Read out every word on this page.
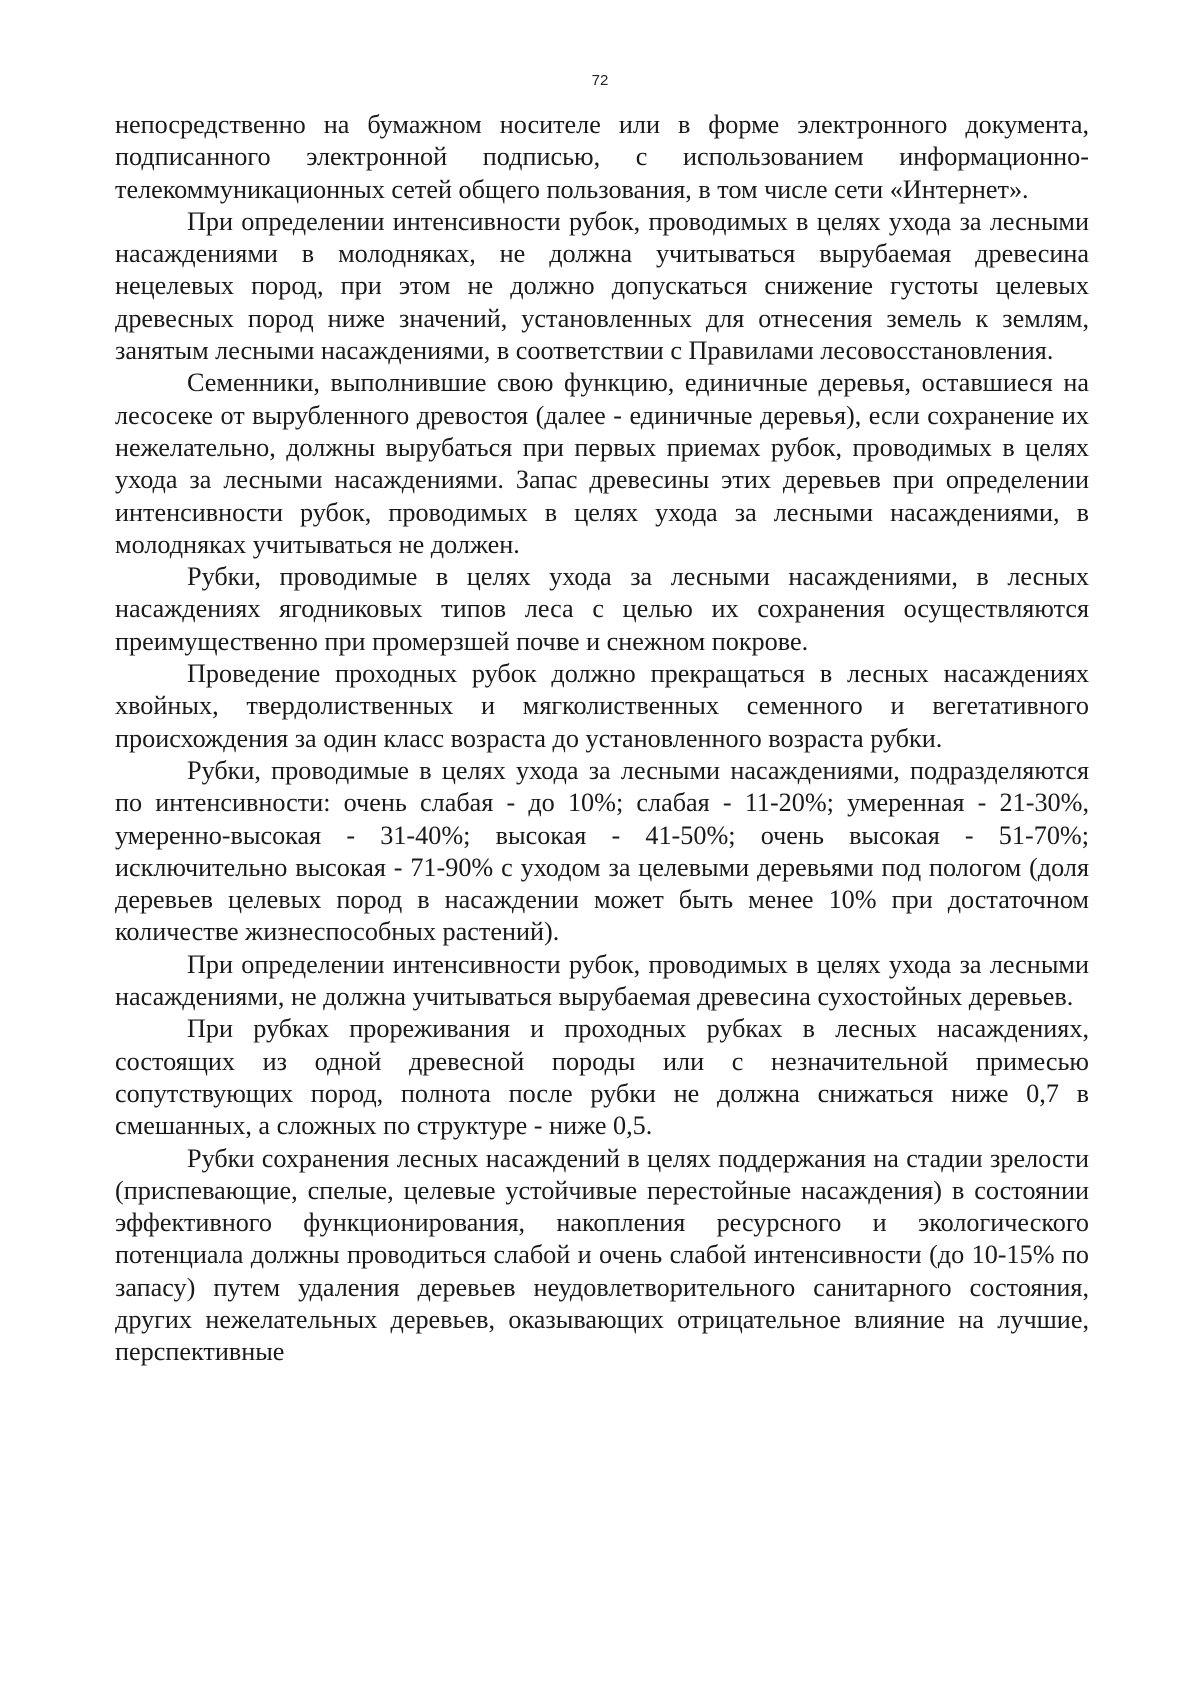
72

непосредственно на бумажном носителе или в форме электронного документа, подписанного электронной подписью, с использованием информационно-телекоммуникационных сетей общего пользования, в том числе сети «Интернет».

При определении интенсивности рубок, проводимых в целях ухода за лесными насаждениями в молодняках, не должна учитываться вырубаемая древесина нецелевых пород, при этом не должно допускаться снижение густоты целевых древесных пород ниже значений, установленных для отнесения земель к землям, занятым лесными насаждениями, в соответствии с Правилами лесовосстановления.

Семенники, выполнившие свою функцию, единичные деревья, оставшиеся на лесосеке от вырубленного древостоя (далее - единичные деревья), если сохранение их нежелательно, должны вырубаться при первых приемах рубок, проводимых в целях ухода за лесными насаждениями. Запас древесины этих деревьев при определении интенсивности рубок, проводимых в целях ухода за лесными насаждениями, в молодняках учитываться не должен.

Рубки, проводимые в целях ухода за лесными насаждениями, в лесных насаждениях ягодниковых типов леса с целью их сохранения осуществляются преимущественно при промерзшей почве и снежном покрове.

Проведение проходных рубок должно прекращаться в лесных насаждениях хвойных, твердолиственных и мягколиственных семенного и вегетативного происхождения за один класс возраста до установленного возраста рубки.

Рубки, проводимые в целях ухода за лесными насаждениями, подразделяются по интенсивности: очень слабая - до 10%; слабая - 11-20%; умеренная - 21-30%, умеренно-высокая - 31-40%; высокая - 41-50%; очень высокая - 51-70%; исключительно высокая - 71-90% с уходом за целевыми деревьями под пологом (доля деревьев целевых пород в насаждении может быть менее 10% при достаточном количестве жизнеспособных растений).

При определении интенсивности рубок, проводимых в целях ухода за лесными насаждениями, не должна учитываться вырубаемая древесина сухостойных деревьев.

При рубках прореживания и проходных рубках в лесных насаждениях, состоящих из одной древесной породы или с незначительной примесью сопутствующих пород, полнота после рубки не должна снижаться ниже 0,7 в смешанных, а сложных по структуре - ниже 0,5.

Рубки сохранения лесных насаждений в целях поддержания на стадии зрелости (приспевающие, спелые, целевые устойчивые перестойные насаждения) в состоянии эффективного функционирования, накопления ресурсного и экологического потенциала должны проводиться слабой и очень слабой интенсивности (до 10-15% по запасу) путем удаления деревьев неудовлетворительного санитарного состояния, других нежелательных деревьев, оказывающих отрицательное влияние на лучшие, перспективные
